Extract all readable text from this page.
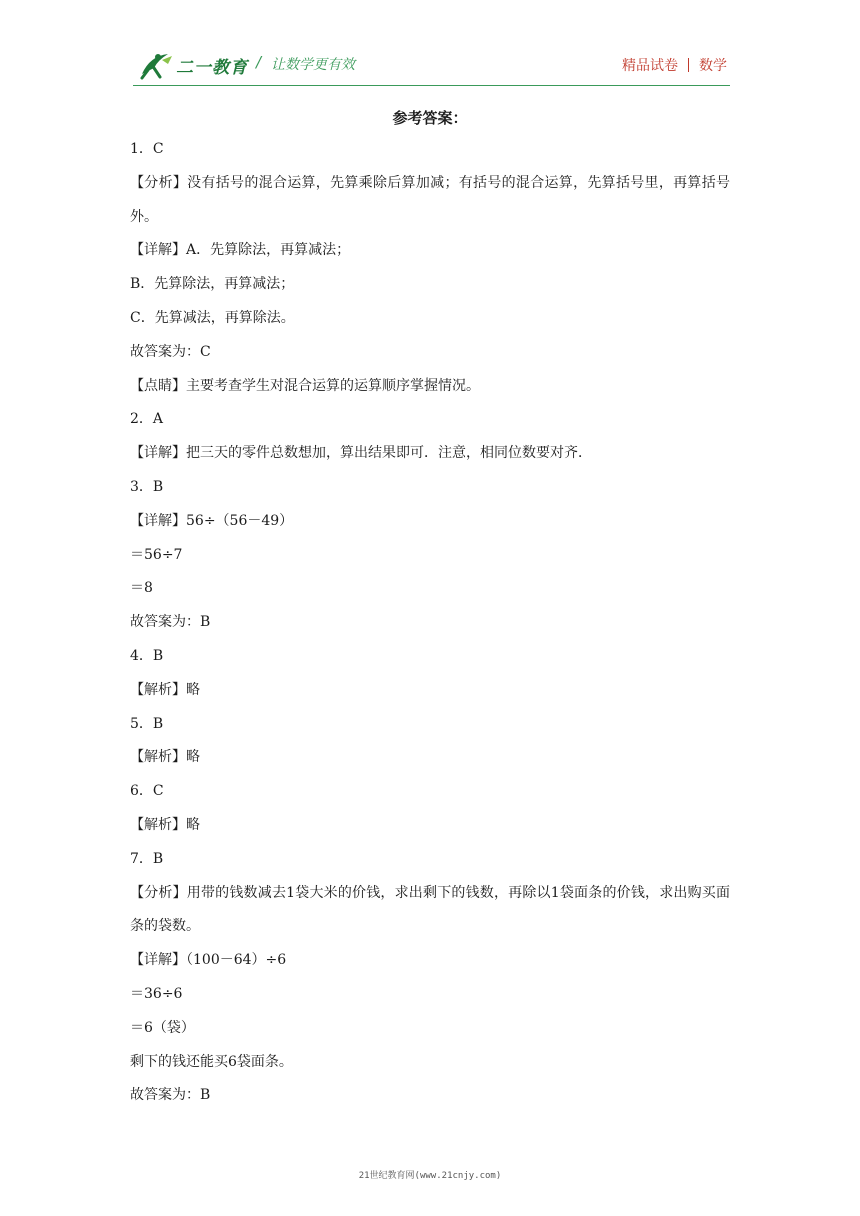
二一教育 / 让数学更有效	精品试卷 数学
参考答案：
1．C
【分析】没有括号的混合运算，先算乘除后算加减；有括号的混合运算，先算括号里，再算括号外。
【详解】A．先算除法，再算减法；
B．先算除法，再算减法；
C．先算减法，再算除法。
故答案为：C
【点睛】主要考查学生对混合运算的运算顺序掌握情况。
2．A
【详解】把三天的零件总数想加，算出结果即可．注意，相同位数要对齐．
3．B
【详解】56÷（56－49）
＝56÷7
＝8
故答案为：B
4．B
【解析】略
5．B
【解析】略
6．C
【解析】略
7．B
【分析】用带的钱数减去1袋大米的价钱，求出剩下的钱数，再除以1袋面条的价钱，求出购买面条的袋数。
【详解】（100－64）÷6
＝36÷6
＝6（袋）
剩下的钱还能买6袋面条。
故答案为：B
21世纪教育网(www.21cnjy.com)
